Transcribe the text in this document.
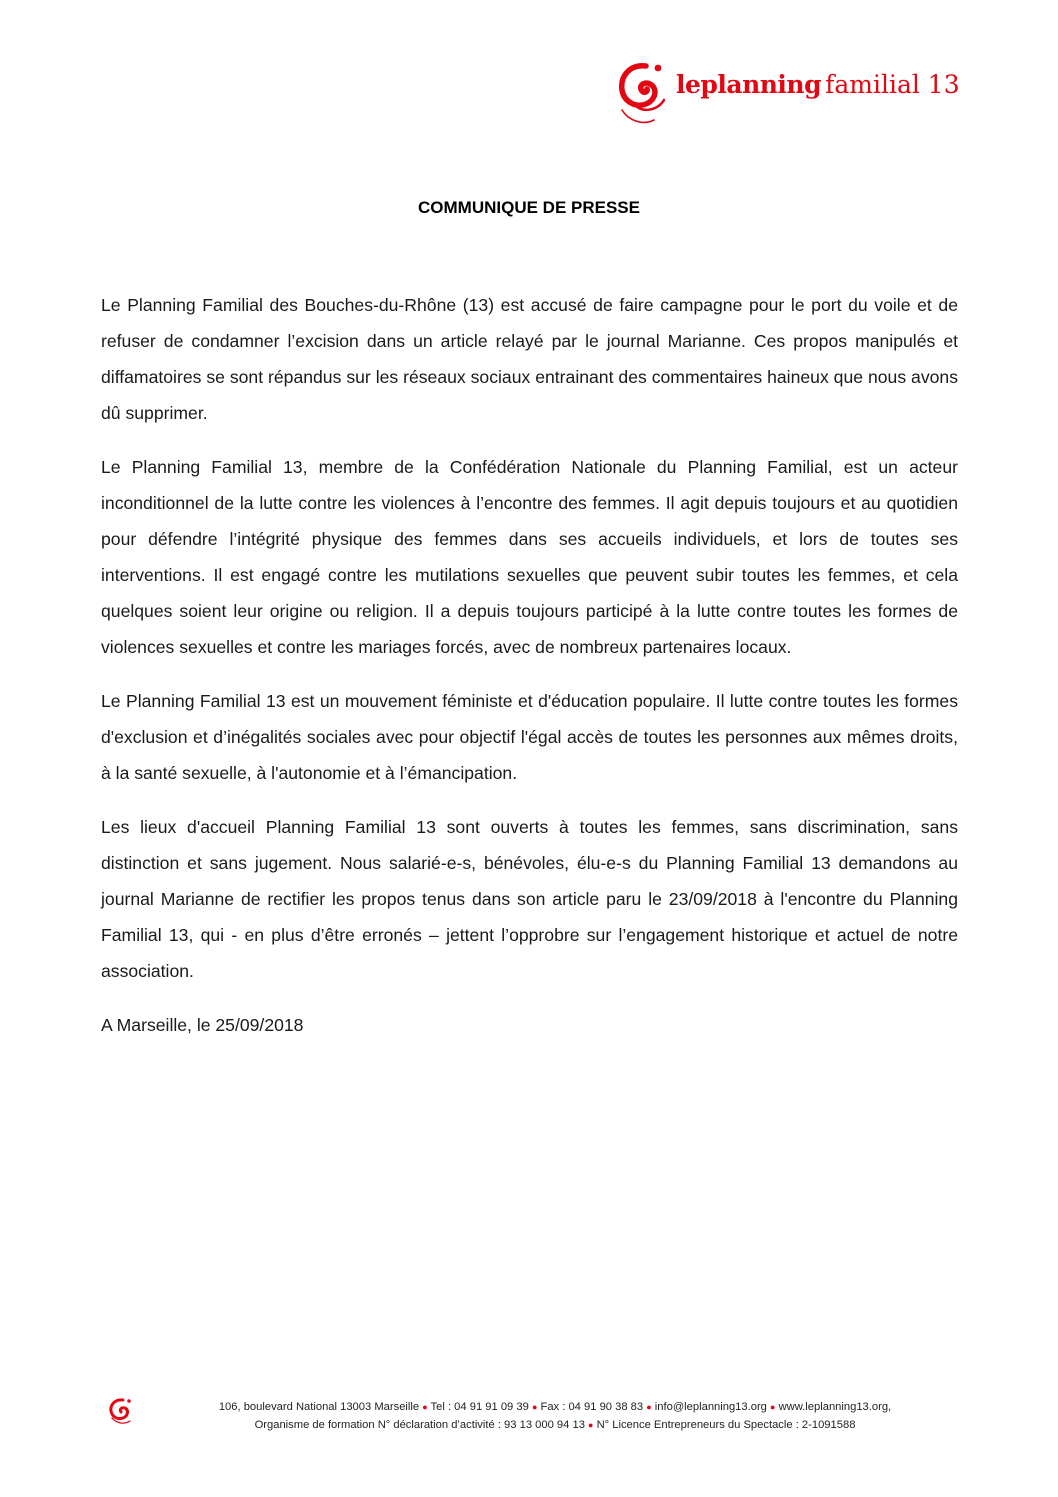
leplanning familial 13
COMMUNIQUE DE PRESSE

Le Planning Familial des Bouches-du-Rhône (13) est accusé de faire campagne pour le port du voile et de refuser de condamner l’excision dans un article relayé par le journal Marianne. Ces propos manipulés et diffamatoires se sont répandus sur les réseaux sociaux entrainant des commentaires haineux que nous avons dû supprimer.

Le Planning Familial 13, membre de la Confédération Nationale du Planning Familial, est un acteur inconditionnel de la lutte contre les violences à l’encontre des femmes. Il agit depuis toujours et au quotidien pour défendre l’intégrité physique des femmes dans ses accueils individuels, et lors de toutes ses interventions. Il est engagé contre les mutilations sexuelles que peuvent subir toutes les femmes, et cela quelques soient leur origine ou religion. Il a depuis toujours participé à la lutte contre toutes les formes de violences sexuelles et contre les mariages forcés, avec de nombreux partenaires locaux.

Le Planning Familial 13 est un mouvement féministe et d'éducation populaire. Il lutte contre toutes les formes d'exclusion et d’inégalités sociales avec pour objectif l'égal accès de toutes les personnes aux mêmes droits, à la santé sexuelle, à l'autonomie et à l’émancipation.

Les lieux d'accueil Planning Familial 13 sont ouverts à toutes les femmes, sans discrimination, sans distinction et sans jugement. Nous salarié-e-s, bénévoles, élu-e-s du Planning Familial 13 demandons au journal Marianne de rectifier les propos tenus dans son article paru le 23/09/2018 à l'encontre du Planning Familial 13, qui - en plus d’être erronés – jettent l’opprobre sur l’engagement historique et actuel de notre association.

A Marseille, le 25/09/2018

106, boulevard National 13003 Marseille ● Tel : 04 91 91 09 39 ● Fax : 04 91 90 38 83 ● info@leplanning13.org ● www.leplanning13.org,
Organisme de formation N° déclaration d’activité : 93 13 000 94 13 ● N° Licence Entrepreneurs du Spectacle : 2-1091588
